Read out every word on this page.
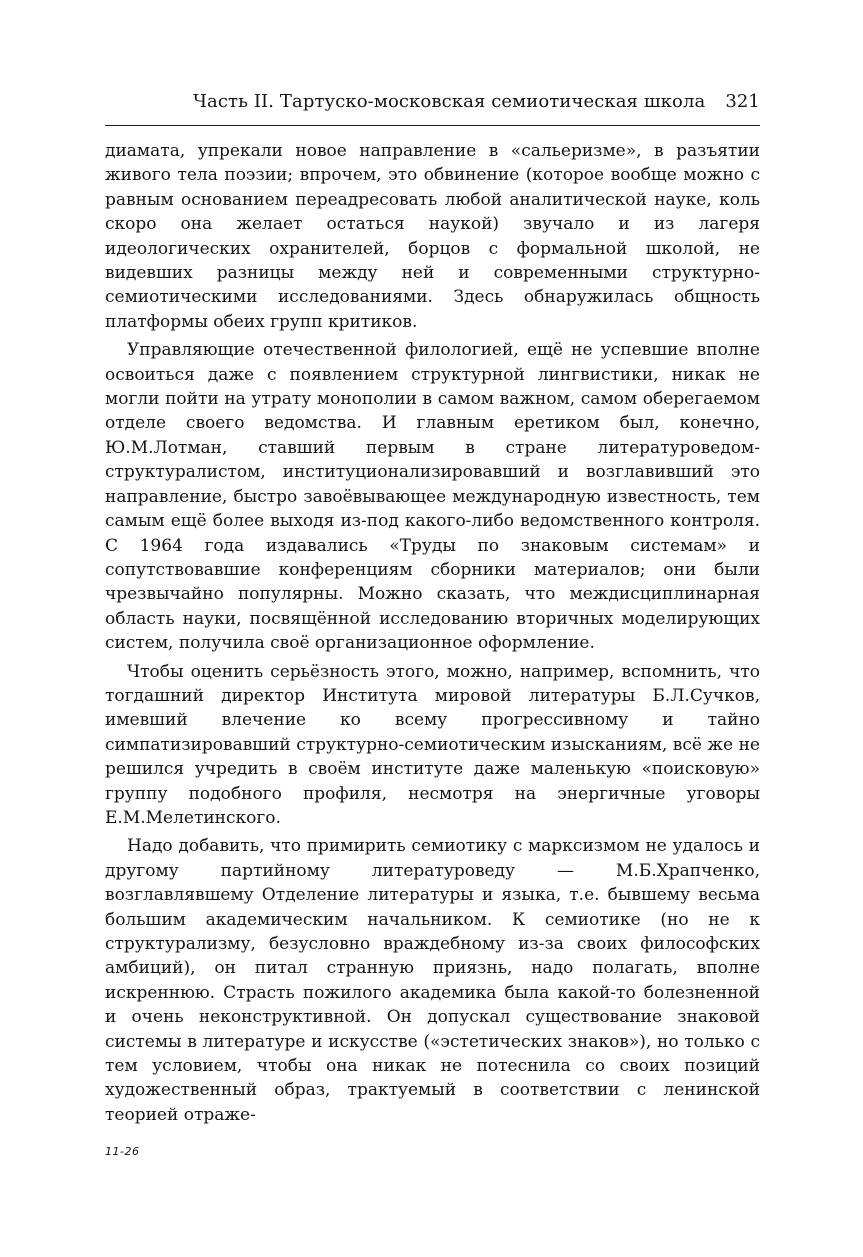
Часть II. Тартуско-московская семиотическая школа 321

диамата, упрекали новое направление в «сальеризме», в разъятии живого тела поэзии; впрочем, это обвинение (которое вообще можно с равным основанием переадресовать любой аналитической науке, коль скоро она желает остаться наукой) звучало и из лагеря идеологических охранителей, борцов с формальной школой, не видевших разницы между ней и современными структурно-семиотическими исследованиями. Здесь обнаружилась общность платформы обеих групп критиков.

Управляющие отечественной филологией, ещё не успевшие вполне освоиться даже с появлением структурной лингвистики, никак не могли пойти на утрату монополии в самом важном, самом оберегаемом отделе своего ведомства. И главным еретиком был, конечно, Ю.М.Лотман, ставший первым в стране литературоведом-структуралистом, институционализировавший и возглавивший это направление, быстро завоёвывающее международную известность, тем самым ещё более выходя из-под какого-либо ведомственного контроля. С 1964 года издавались «Труды по знаковым системам» и сопутствовавшие конференциям сборники материалов; они были чрезвычайно популярны. Можно сказать, что междисциплинарная область науки, посвящённой исследованию вторичных моделирующих систем, получила своё организационное оформление.

Чтобы оценить серьёзность этого, можно, например, вспомнить, что тогдашний директор Института мировой литературы Б.Л.Сучков, имевший влечение ко всему прогрессивному и тайно симпатизировавший структурно-семиотическим изысканиям, всё же не решился учредить в своём институте даже маленькую «поисковую» группу подобного профиля, несмотря на энергичные уговоры Е.М.Мелетинского.

Надо добавить, что примирить семиотику с марксизмом не удалось и другому партийному литературоведу — М.Б.Храпченко, возглавлявшему Отделение литературы и языка, т.е. бывшему весьма большим академическим начальником. К семиотике (но не к структурализму, безусловно враждебному из-за своих философских амбиций), он питал странную приязнь, надо полагать, вполне искреннюю. Страсть пожилого академика была какой-то болезненной и очень неконструктивной. Он допускал существование знаковой системы в литературе и искусстве («эстетических знаков»), но только с тем условием, чтобы она никак не потеснила со своих позиций художественный образ, трактуемый в соответствии с ленинской теорией отраже-

11-26
